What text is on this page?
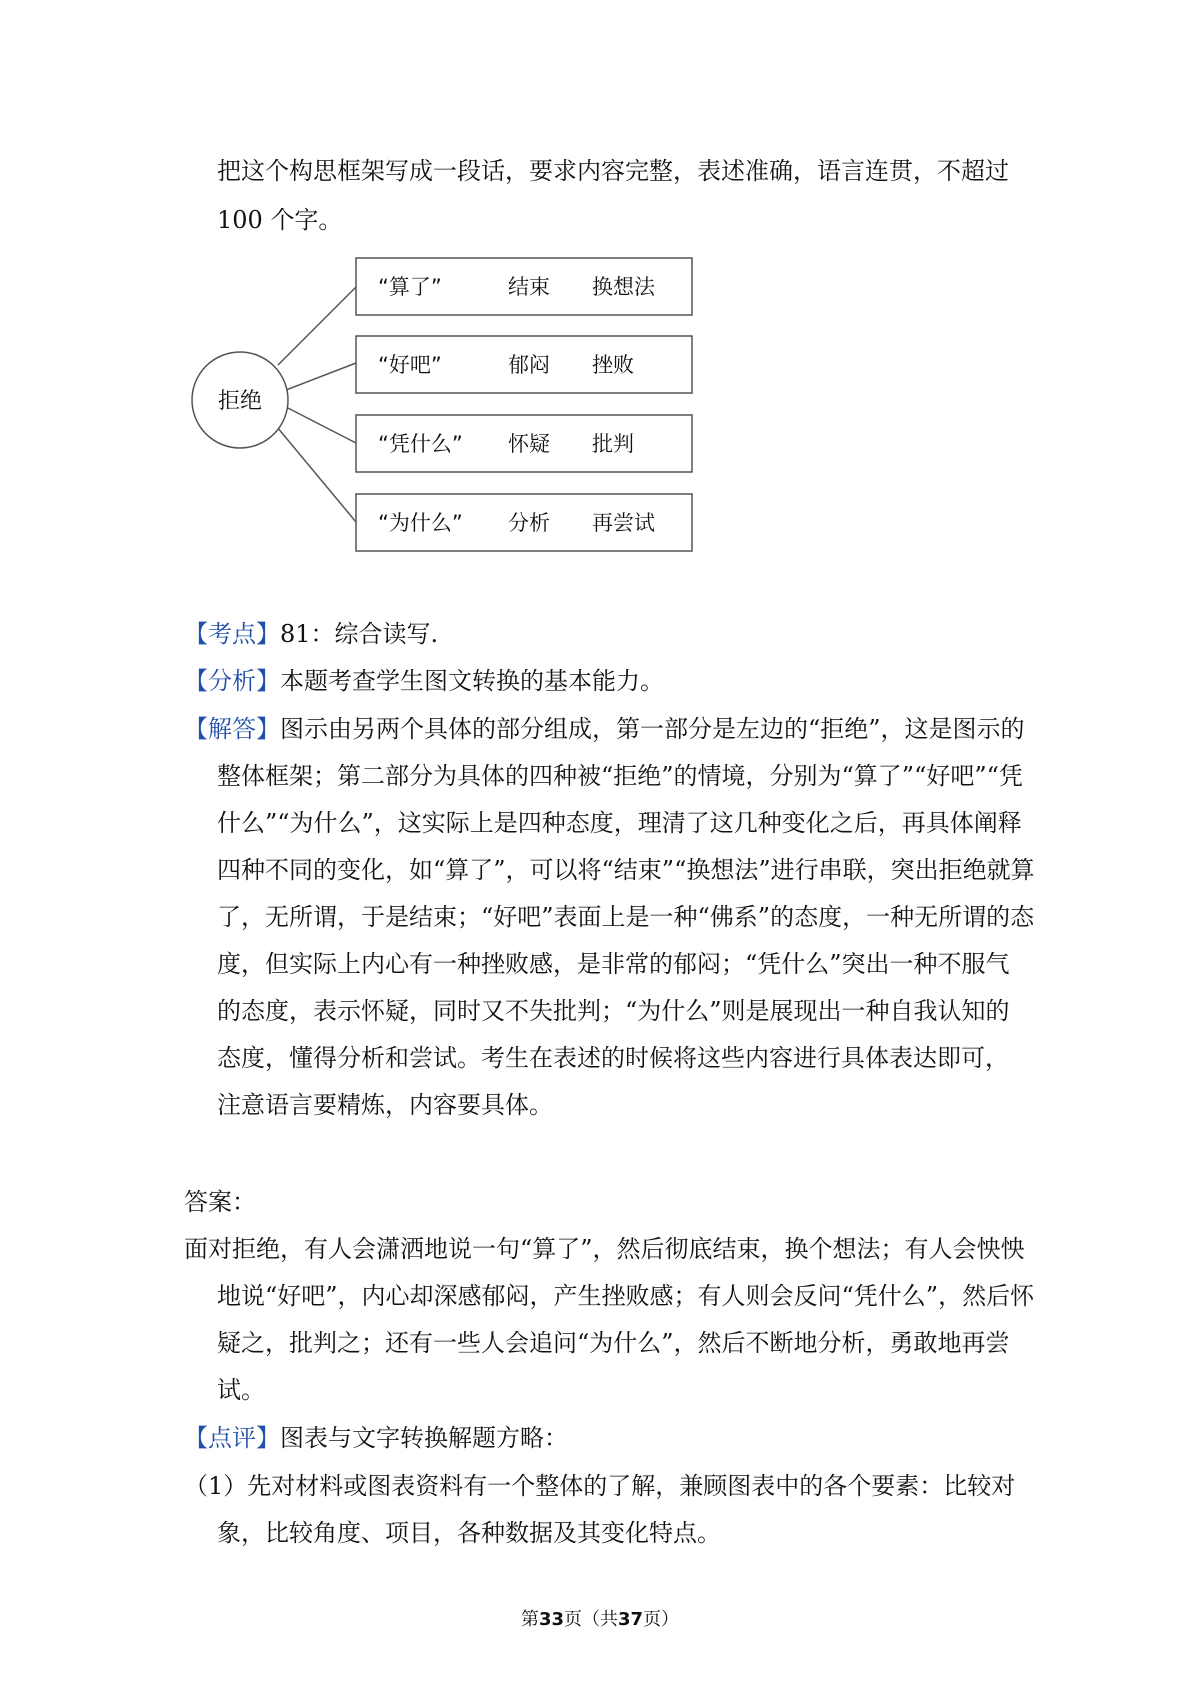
把这个构思框架写成一段话，要求内容完整，表述准确，语言连贯，不超过
100 个字。
拒绝
“算了”	结束 换想法
“好吧”	郁闷 挫败
“凭什么” 怀疑 批判
“为什么” 分析 再尝试
【考点】81：综合读写.
【分析】本题考查学生图文转换的基本能力。
【解答】图示由另两个具体的部分组成，第一部分是左边的“拒绝”，这是图示的
整体框架；第二部分为具体的四种被“拒绝”的情境，分别为“算了”“好吧”“凭
什么”“为什么”，这实际上是四种态度，理清了这几种变化之后，再具体阐释
四种不同的变化，如“算了”，可以将“结束”“换想法”进行串联，突出拒绝就算
了，无所谓，于是结束；“好吧”表面上是一种“佛系”的态度，一种无所谓的态
度，但实际上内心有一种挫败感，是非常的郁闷；“凭什么”突出一种不服气
的态度，表示怀疑，同时又不失批判；“为什么”则是展现出一种自我认知的
态度，懂得分析和尝试。考生在表述的时候将这些内容进行具体表达即可，
注意语言要精炼，内容要具体。
答案：
面对拒绝，有人会潇洒地说一句“算了”，然后彻底结束，换个想法；有人会怏怏
地说“好吧”，内心却深感郁闷，产生挫败感；有人则会反问“凭什么”，然后怀
疑之，批判之；还有一些人会追问“为什么”，然后不断地分析，勇敢地再尝
试。
【点评】图表与文字转换解题方略：
（1）先对材料或图表资料有一个整体的了解，兼顾图表中的各个要素：比较对
象，比较角度、项目，各种数据及其变化特点。
第33页（共37页）
